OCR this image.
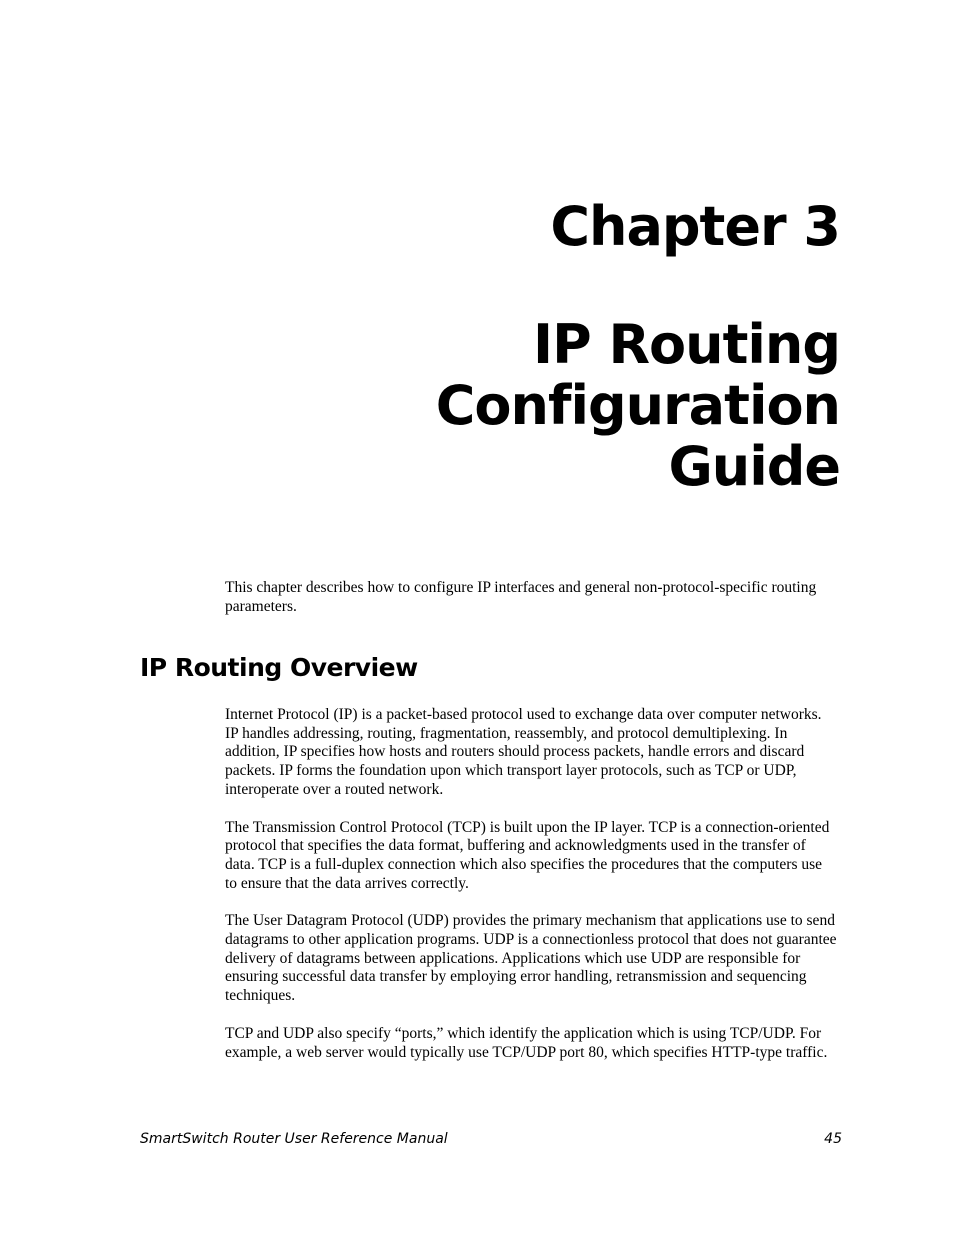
Chapter 3
IP Routing
Configuration
Guide

This chapter describes how to configure IP interfaces and general non-protocol-specific routing parameters.

IP Routing Overview

Internet Protocol (IP) is a packet-based protocol used to exchange data over computer networks. IP handles addressing, routing, fragmentation, reassembly, and protocol demultiplexing. In addition, IP specifies how hosts and routers should process packets, handle errors and discard packets. IP forms the foundation upon which transport layer protocols, such as TCP or UDP, interoperate over a routed network.

The Transmission Control Protocol (TCP) is built upon the IP layer. TCP is a connection-oriented protocol that specifies the data format, buffering and acknowledgments used in the transfer of data. TCP is a full-duplex connection which also specifies the procedures that the computers use to ensure that the data arrives correctly.

The User Datagram Protocol (UDP) provides the primary mechanism that applications use to send datagrams to other application programs. UDP is a connectionless protocol that does not guarantee delivery of datagrams between applications. Applications which use UDP are responsible for ensuring successful data transfer by employing error handling, retransmission and sequencing techniques.

TCP and UDP also specify “ports,” which identify the application which is using TCP/UDP. For example, a web server would typically use TCP/UDP port 80, which specifies HTTP-type traffic.

SmartSwitch Router User Reference Manual	45
